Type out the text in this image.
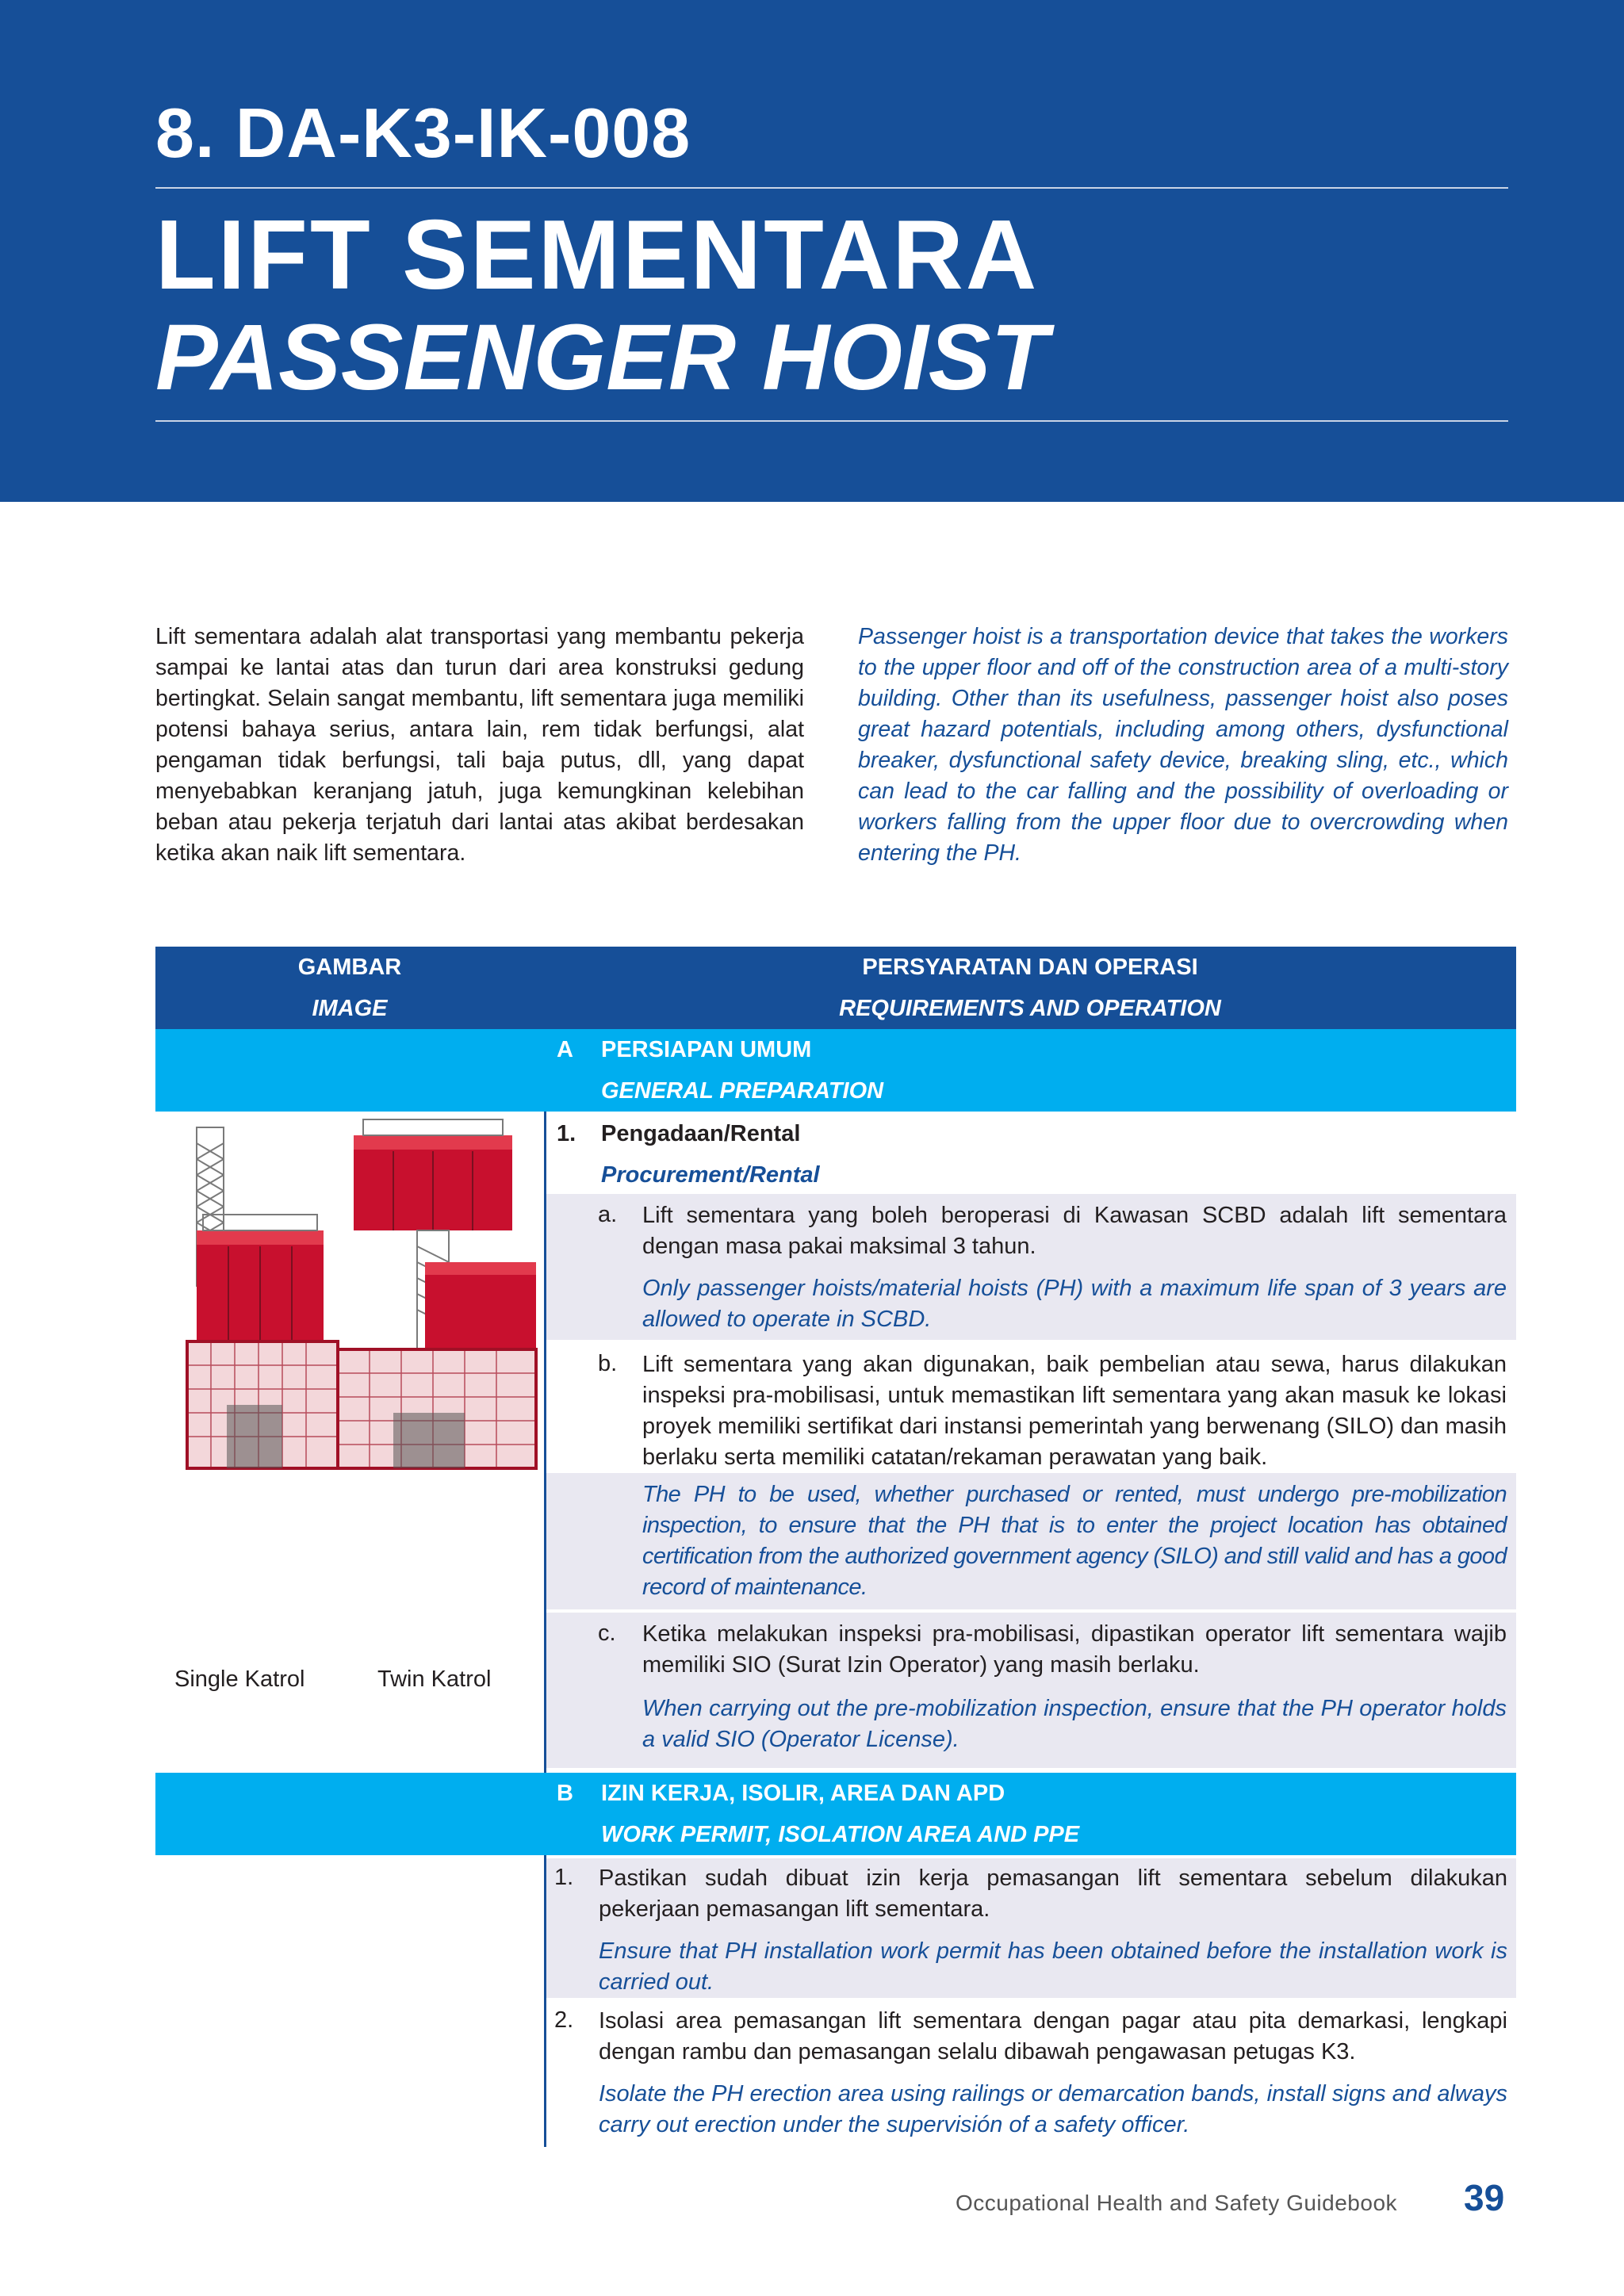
8. DA-K3-IK-008
LIFT SEMENTARA
PASSENGER HOIST

Lift sementara adalah alat transportasi yang membantu pekerja sampai ke lantai atas dan turun dari area konstruksi gedung bertingkat. Selain sangat membantu, lift sementara juga memiliki potensi bahaya serius, antara lain, rem tidak berfungsi, alat pengaman tidak berfungsi, tali baja putus, dll, yang dapat menyebabkan keranjang jatuh, juga kemungkinan kelebihan beban atau pekerja terjatuh dari lantai atas akibat berdesakan ketika akan naik lift sementara.

Passenger hoist is a transportation device that takes the workers to the upper floor and off of the construction area of a multi-story building. Other than its usefulness, passenger hoist also poses great hazard potentials, including among others, dysfunctional breaker, dysfunctional safety device, breaking sling, etc., which can lead to the car falling and the possibility of overloading or workers falling from the upper floor due to overcrowding when entering the PH.

GAMBAR
IMAGE
PERSYARATAN DAN OPERASI
REQUIREMENTS AND OPERATION
A PERSIAPAN UMUM
GENERAL PREPARATION
Single Katrol	Twin Katrol
1. Pengadaan/Rental
Procurement/Rental
a. Lift sementara yang boleh beroperasi di Kawasan SCBD adalah lift sementara dengan masa pakai maksimal 3 tahun.

Only passenger hoists/material hoists (PH) with a maximum life span of 3 years are allowed to operate in SCBD.

b. Lift sementara yang akan digunakan, baik pembelian atau sewa, harus dilakukan inspeksi pra-mobilisasi, untuk memastikan lift sementara yang akan masuk ke lokasi proyek memiliki sertifikat dari instansi pemerintah yang berwenang (SILO) dan masih berlaku serta memiliki catatan/rekaman perawatan yang baik.

The PH to be used, whether purchased or rented, must undergo pre-mobilization inspection, to ensure that the PH that is to enter the project location has obtained certification from the authorized government agency (SILO) and still valid and has a good record of maintenance.

c. Ketika melakukan inspeksi pra-mobilisasi, dipastikan operator lift sementara wajib memiliki SIO (Surat Izin Operator) yang masih berlaku.

When carrying out the pre-mobilization inspection, ensure that the PH operator holds a valid SIO (Operator License).

B IZIN KERJA, ISOLIR, AREA DAN APD
WORK PERMIT, ISOLATION AREA AND PPE
1. Pastikan sudah dibuat izin kerja pemasangan lift sementara sebelum dilakukan pekerjaan pemasangan lift sementara.

Ensure that PH installation work permit has been obtained before the installation work is carried out.

2. Isolasi area pemasangan lift sementara dengan pagar atau pita demarkasi, lengkapi dengan rambu dan pemasangan selalu dibawah pengawasan petugas K3.

Isolate the PH erection area using railings or demarcation bands, install signs and always carry out erection under the supervisión of a safety officer.

Occupational Health and Safety Guidebook 39
